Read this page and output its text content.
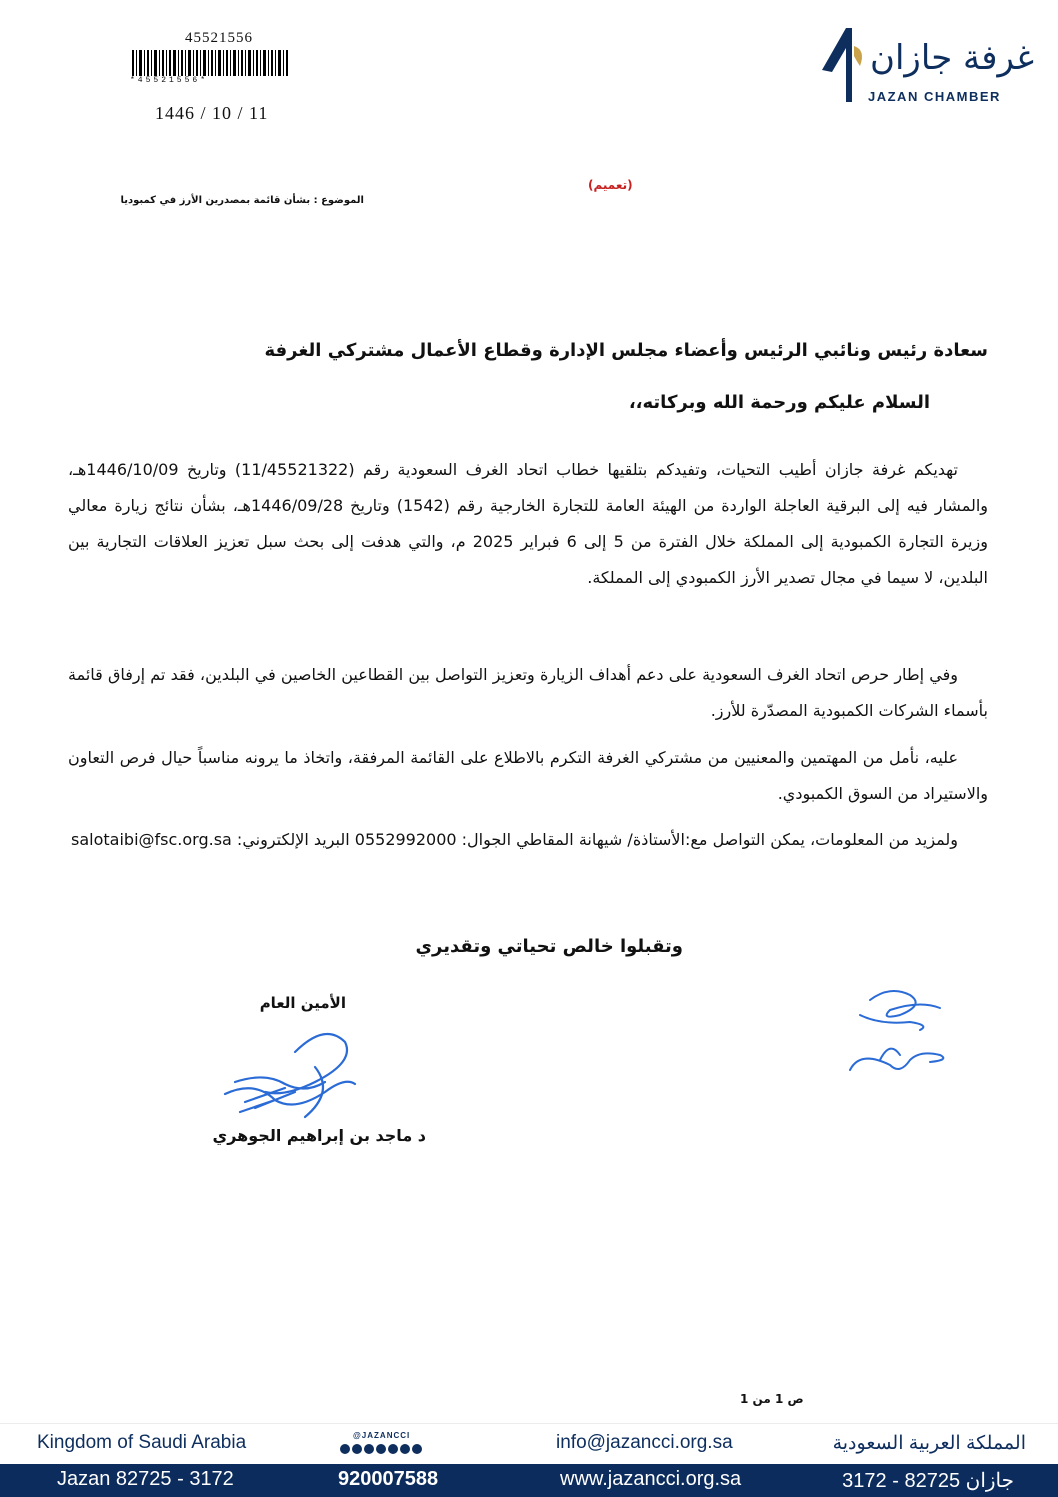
45521556
*45521556*
1446 / 10 / 11
غرفة جازان
JAZAN CHAMBER
(تعميم)
الموضوع : بشأن قائمة بمصدرين الأرز في كمبوديا
سعادة رئيس ونائبي الرئيس وأعضاء مجلس الإدارة وقطاع الأعمال مشتركي الغرفة
السلام عليكم ورحمة الله وبركاته،،
تهديكم غرفة جازان أطيب التحيات، وتفيدكم بتلقيها خطاب اتحاد الغرف السعودية رقم (11/45521322) وتاريخ 1446/10/09هـ، والمشار فيه إلى البرقية العاجلة الواردة من الهيئة العامة للتجارة الخارجية رقم (1542) وتاريخ 1446/09/28هـ، بشأن نتائج زيارة معالي وزيرة التجارة الكمبودية إلى المملكة خلال الفترة من 5 إلى 6 فبراير 2025 م، والتي هدفت إلى بحث سبل تعزيز العلاقات التجارية بين البلدين، لا سيما في مجال تصدير الأرز الكمبودي إلى المملكة.
وفي إطار حرص اتحاد الغرف السعودية على دعم أهداف الزيارة وتعزيز التواصل بين القطاعين الخاصين في البلدين، فقد تم إرفاق قائمة بأسماء الشركات الكمبودية المصدّرة للأرز.
عليه، نأمل من المهتمين والمعنيين من مشتركي الغرفة التكرم بالاطلاع على القائمة المرفقة، واتخاذ ما يرونه مناسباً حيال فرص التعاون والاستيراد من السوق الكمبودي.
ولمزيد من المعلومات، يمكن التواصل مع:الأستاذة/ شيهانة المقاطي الجوال: 0552992000 البريد الإلكتروني: salotaibi@fsc.org.sa
وتقبلوا خالص تحياتي وتقديري
الأمين العام
د ماجد بن إبراهيم الجوهري
ص 1 من 1
Kingdom of Saudi Arabia	@JAZANCCI	info@jazancci.org.sa	المملكة العربية السعودية
Jazan 82725 - 3172	920007588	www.jazancci.org.sa	جازان 82725 - 3172
